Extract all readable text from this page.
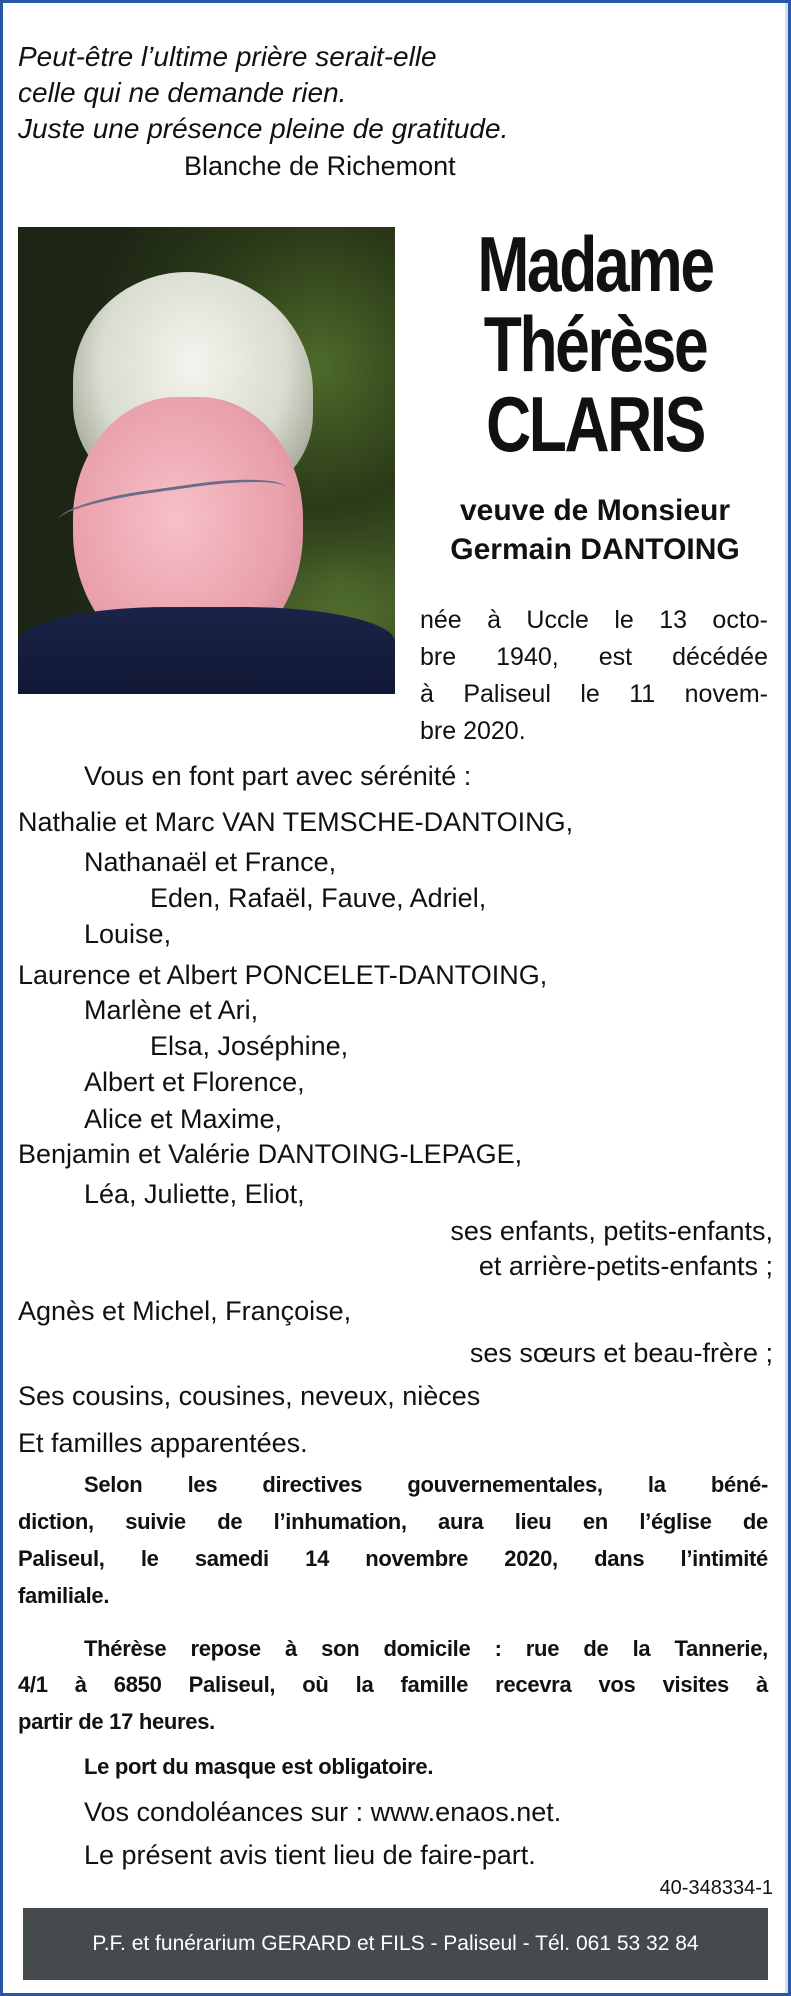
Peut-être l’ultime prière serait-elle
celle qui ne demande rien.
Juste une présence pleine de gratitude.
Blanche de Richemont
Madame
Thérèse
CLARIS
veuve de Monsieur
Germain DANTOING
née à Uccle le 13 octo-
bre 1940, est décédée
à Paliseul le 11 novem-
bre 2020.
Vous en font part avec sérénité :
Nathalie et Marc VAN TEMSCHE-DANTOING,
Nathanaël et France,
Eden, Rafaël, Fauve, Adriel,
Louise,
Laurence et Albert PONCELET-DANTOING,
Marlène et Ari,
Elsa, Joséphine,
Albert et Florence,
Alice et Maxime,
Benjamin et Valérie DANTOING-LEPAGE,
Léa, Juliette, Eliot,
ses enfants, petits-enfants,
et arrière-petits-enfants ;
Agnès et Michel, Françoise,
ses sœurs et beau-frère ;
Ses cousins, cousines, neveux, nièces
Et familles apparentées.
Selon les directives gouvernementales, la béné-
diction, suivie de l’inhumation, aura lieu en l’église de
Paliseul, le samedi 14 novembre 2020, dans l’intimité
familiale.
Thérèse repose à son domicile : rue de la Tannerie,
4/1 à 6850 Paliseul, où la famille recevra vos visites à
partir de 17 heures.
Le port du masque est obligatoire.
Vos condoléances sur : www.enaos.net.
Le présent avis tient lieu de faire-part.
40-348334-1
P.F. et funérarium GERARD et FILS - Paliseul - Tél. 061 53 32 84
